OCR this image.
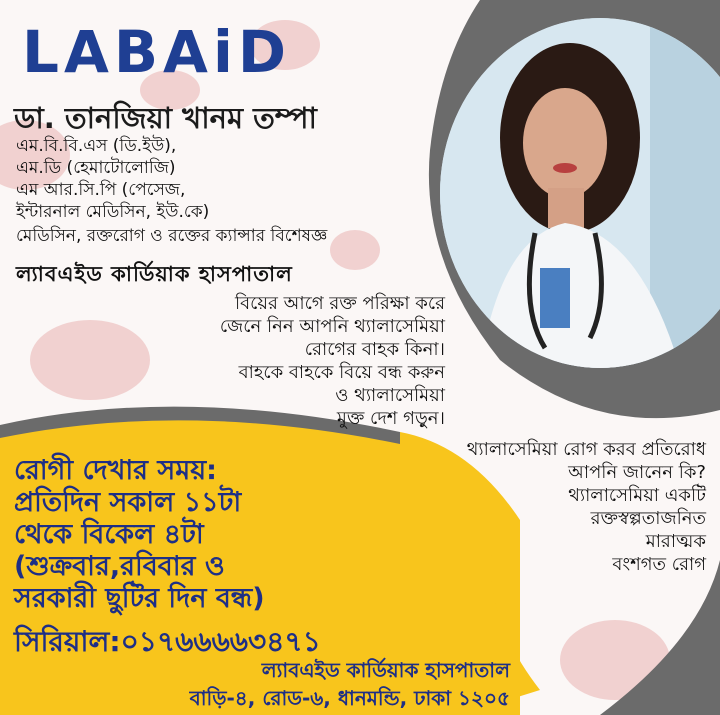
LABAiD
ডা. তানজিয়া খানম তম্পা
এম.বি.বি.এস (ডি.ইউ),
এম.ডি (হেমাটোলোজি)
এম আর.সি.পি (পেসেজ,
ইন্টারনাল মেডিসিন, ইউ.কে)
মেডিসিন, রক্তরোগ ও রক্তের ক্যান্সার বিশেষজ্ঞ
ল্যাবএইড কার্ডিয়াক হাসপাতাল
বিয়ের আগে রক্ত পরিক্ষা করে
জেনে নিন আপনি থ্যালাসেমিয়া
রোগের বাহক কিনা।
বাহকে বাহকে বিয়ে বন্ধ করুন
ও থ্যালাসেমিয়া
মুক্ত দেশ গড়ুন।
থ্যালাসেমিয়া রোগ করব প্রতিরোধ
আপনি জানেন কি?
থ্যালাসেমিয়া একটি
রক্তস্বল্পতাজনিত
মারাত্মক
বংশগত রোগ
রোগী দেখার সময়:
প্রতিদিন সকাল ১১টা
থেকে বিকেল ৪টা
(শুক্রবার,রবিবার ও
সরকারী ছুটির দিন বন্ধ)
সিরিয়াল:০১৭৬৬৬৬৩৪৭১
ল্যাবএইড কার্ডিয়াক হাসপাতাল
বাড়ি-৪, রোড-৬, ধানমন্ডি, ঢাকা ১২০৫
